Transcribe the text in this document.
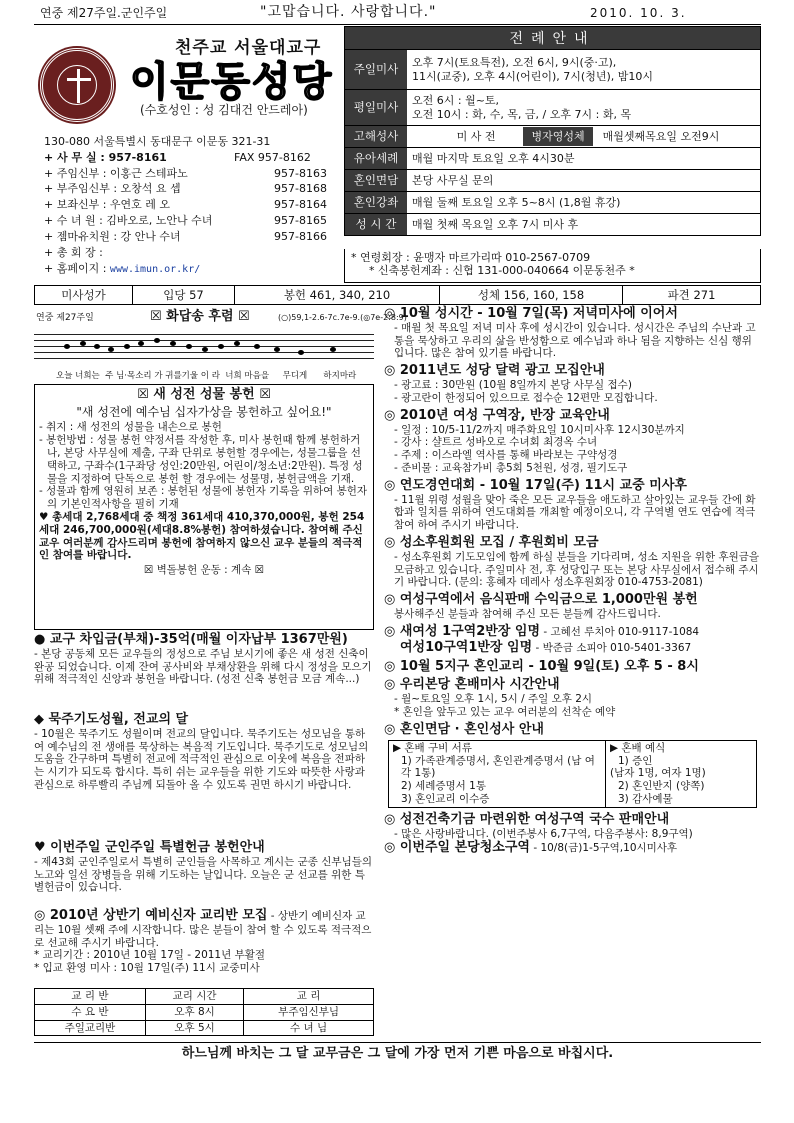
연중 제27주일.군인주일	"고맙습니다. 사랑합니다."	2010. 10. 3.
천주교 서울대교구
이문동성당
(수호성인 : 성 김대건 안드레아)
130-080 서울특별시 동대문구 이문동 321-31
+ 사 무 실 : 957-8161	FAX 957-8162
+ 주임신부 : 이홍근 스테파노	957-8163
+ 부주임신부 : 오창석 요 셉	957-8168
+ 보좌신부 : 우연호 레 오	957-8164
+ 수 녀 원 : 김바오로, 노안나 수녀	957-8165
+ 젬마유치원 : 강 안나 수녀	957-8166
+ 총 회 장 :
+ 홈페이지 : www.imun.or.kr/
전례안내
주일미사	오후 7시(토요특전), 오전 6시, 9시(중·고),
11시(교중), 오후 4시(어린이), 7시(청년), 밤10시
평일미사	오전 6시 : 월~토,
오전 10시 : 화, 수, 목, 금, / 오후 7시 : 화, 목
고해성사	미 사 전	병자영성체	매월셋째목요일 오전9시
유아세례	매월 마지막 토요일 오후 4시30분
혼인면담	본당 사무실 문의
혼인강좌	매월 둘째 토요일 오후 5~8시 (1,8월 휴강)
성 시 간	매월 첫째 목요일 오후 7시 미사 후
* 연령회장 : 윤맹자 마르가리따 010-2567-0709
* 신축봉헌계좌 : 신협 131-000-040664 이문동천주 *
미사성가	입당 57	봉헌 461, 340, 210	성체 156, 160, 158	파견 271
연중 제27주일	☒ 화답송 후렴 ☒	(○)59,1-2.6-7c.7e-9.(◎7e-2:8:9)
오늘 너희는  주 님·목소리 가 귀를기울 이 라  너희 마음을     무디게      하지마라
☒ 새 성전 성물 봉헌 ☒
"새 성전에 예수님 십자가상을 봉헌하고 싶어요!"
- 취지 : 새 성전의 성물을 내손으로 봉헌
- 봉헌방법 : 성물 봉헌 약정서를 작성한 후, 미사 봉헌때 함께 봉헌하거나, 본당 사무실에 제출, 구좌 단위로 봉헌할 경우에는, 성물그룹을 선택하고, 구좌수(1구좌당 성인:20만원, 어린이/청소년:2만원). 특정 성물을 지정하여 단독으로 봉헌 할 경우에는 성물명, 봉헌금액을 기재.
- 성물과 함께 영원히 보존 : 봉헌된 성물에 봉헌자 기록을 위하여 봉헌자의 기본인적사항을 필히 기재
♥ 총세대 2,768세대 중 책정 361세대 410,370,000원, 봉헌 254세대 246,700,000원(세대8.8%봉헌) 참여하셨습니다. 참여해 주신 교우 여러분께 감사드리며 봉헌에 참여하지 않으신 교우 분들의 적극적인 참여를 바랍니다.
☒ 벽돌봉헌 운동 : 계속 ☒
● 교구 차입금(부채)-35억(매월 이자납부 1367만원)
- 본당 공동체 모든 교우들의 정성으로 주님 보시기에 좋은 새 성전 신축이 완공 되었습니다. 이제 잔여 공사비와 부채상환을 위해 다시 정성을 모으기 위해 적극적인 신앙과 봉헌을 바랍니다. (성전 신축 봉헌금 모금 계속...)
◆ 묵주기도성월, 전교의 달
- 10월은 묵주기도 성월이며 전교의 달입니다. 묵주기도는 성모님을 통하여 예수님의 전 생애를 묵상하는 복음적 기도입니다. 묵주기도로 성모님의 도움을 간구하며 특별히 전교에 적극적인 관심으로 이웃에 복음을 전파하는 시기가 되도록 합시다. 특히 쉬는 교우들을 위한 기도와 따뜻한 사랑과 관심으로 하루빨리 주님께 되돌아 올 수 있도록 권면 하시기 바랍니다.
♥ 이번주일 군인주일 특별헌금 봉헌안내
- 제43회 군인주일로서 특별히 군인들을 사목하고 계시는 군종 신부님들의 노고와 일선 장병들을 위해 기도하는 날입니다. 오늘은 군 선교를 위한 특별헌금이 있습니다.
◎ 2010년 상반기 예비신자 교리반 모집 - 상반기 예비신자 교리는 10월 셋째 주에 시작합니다. 많은 분들이 참여 할 수 있도록 적극적으로 선교해 주시기 바랍니다.
* 교리기간 : 2010년 10월 17일 - 2011년 부활절
* 입교 환영 미사 : 10월 17일(주) 11시 교중미사
교 리 반	교리 시간	교 리
수 요 반	오후 8시	부주임신부님
주일교리반	오후 5시	수 녀 님
◎ 10월 성시간 - 10월 7일(목) 저녁미사에 이어서
- 매월 첫 목요일 저녁 미사 후에 성시간이 있습니다. 성시간은 주님의 수난과 고통을 묵상하고 우리의 삶을 반성함으로 예수님과 하나 됨을 지향하는 신심 행위입니다. 많은 참여 있기를 바랍니다.
◎ 2011년도 성당 달력 광고 모집안내
- 광고료 : 30만원 (10월 8일까지 본당 사무실 접수)
- 광고란이 한정되어 있으므로 접수순 12편만 모집합니다.
◎ 2010년 여성 구역장, 반장 교육안내
- 일정 : 10/5-11/2까지 매주화요일 10시미사후 12시30분까지
- 강사 : 샬트르 성바오로 수녀회 최경옥 수녀
- 주제 : 이스라엘 역사를 통해 바라보는 구약성경
- 준비물 : 교육참가비 총5회 5천원, 성경, 필기도구
◎ 연도경연대회 - 10월 17일(주) 11시 교중 미사후
- 11월 위령 성월을 맞아 죽은 모든 교우들을 애도하고 살아있는 교우들 간에 화합과 일치를 위하여 연도대회를 개최할 예정이오니, 각 구역별 연도 연습에 적극 참여 하여 주시기 바랍니다.
◎ 성소후원회원 모집 / 후원회비 모금
- 성소후원회 기도모임에 함께 하실 분들을 기다리며, 성소 지원을 위한 후원금을 모금하고 있습니다. 주일미사 전, 후 성당입구 또는 본당 사무실에서 접수해 주시기 바랍니다. (문의: 홍혜자 데레사 성소후원회장 010-4753-2081)
◎ 여성구역에서 음식판매 수익금으로 1,000만원 봉헌
봉사해주신 분들과 참여해 주신 모든 분들께 감사드립니다.
◎ 새여성 1구역2반장 임명 - 고혜선 루치아 010-9117-1084
여성10구역1반장 임명 - 박준금 소피아 010-5401-3367
◎ 10월 5지구 혼인교리 - 10월 9일(토) 오후 5 - 8시
◎ 우리본당 혼배미사 시간안내
- 월~토요일 오후 1시, 5시 / 주일 오후 2시
* 혼인을 앞두고 있는 교우 여러분의 선착순 예약
◎ 혼인면담 · 혼인성사 안내
▶ 혼배 구비 서류
1) 가족관계증명서, 혼인관계증명서 (남 여 각 1통)
2) 세례증명서 1통
3) 혼인교리 이수증
▶ 혼배 예식
1) 증인
(남자 1명, 여자 1명)
2) 혼인반지 (양쪽)
3) 감사예물
◎ 성전건축기금 마련위한 여성구역 국수 판매안내
- 많은 사랑바랍니다. (이번주봉사 6,7구역, 다음주봉사: 8,9구역)
◎ 이번주일 본당청소구역 - 10/8(금)1-5구역,10시미사후
하느님께 바치는 그 달 교무금은 그 달에 가장 먼저 기쁜 마음으로 바칩시다.
